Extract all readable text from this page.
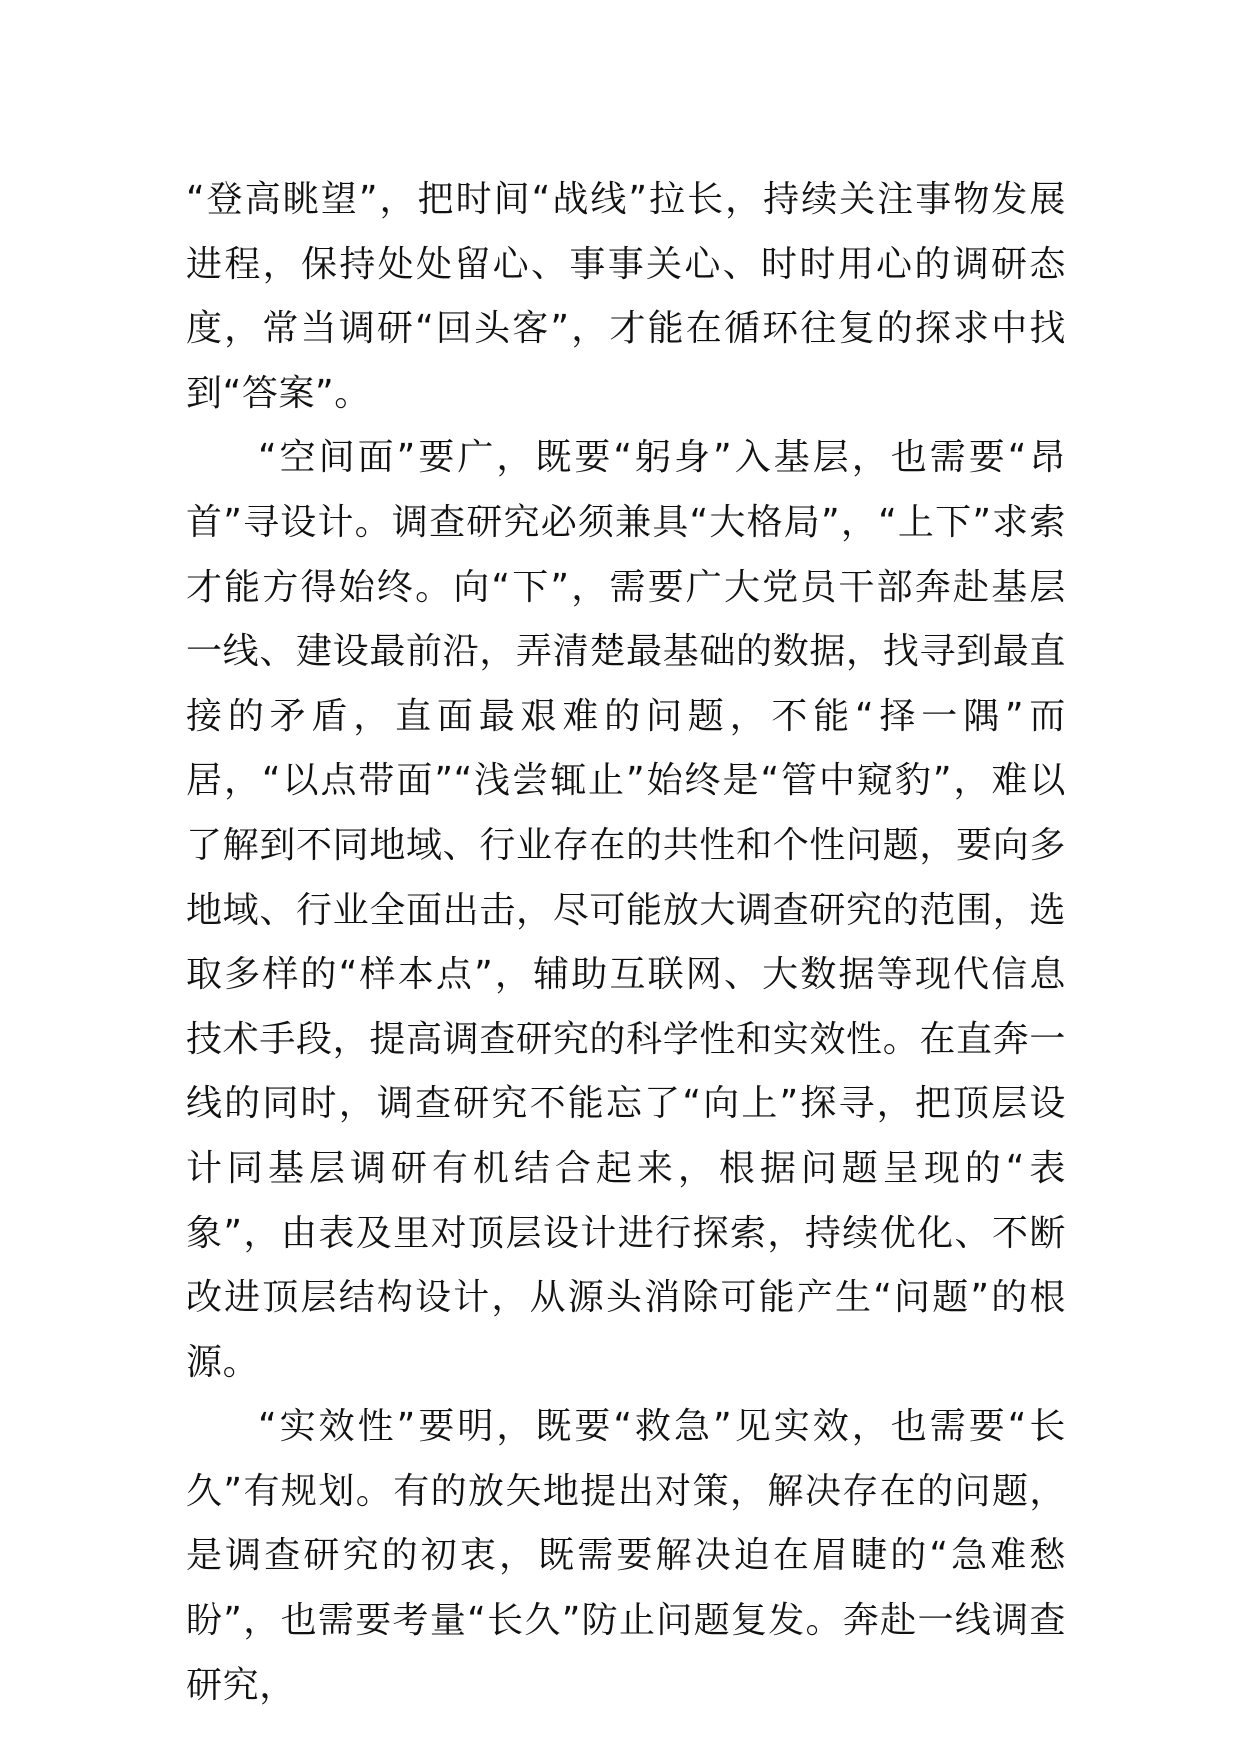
“登高眺望”，把时间“战线”拉长，持续关注事物发展进程，保持处处留心、事事关心、时时用心的调研态度，常当调研“回头客”，才能在循环往复的探求中找到“答案”。

“空间面”要广，既要“躬身”入基层，也需要“昂首”寻设计。调查研究必须兼具“大格局”，“上下”求索才能方得始终。向“下”，需要广大党员干部奔赴基层一线、建设最前沿，弄清楚最基础的数据，找寻到最直接的矛盾，直面最艰难的问题，不能“择一隅”而居，“以点带面”“浅尝辄止”始终是“管中窥豹”，难以了解到不同地域、行业存在的共性和个性问题，要向多地域、行业全面出击，尽可能放大调查研究的范围，选取多样的“样本点”，辅助互联网、大数据等现代信息技术手段，提高调查研究的科学性和实效性。在直奔一线的同时，调查研究不能忘了“向上”探寻，把顶层设计同基层调研有机结合起来，根据问题呈现的“表象”，由表及里对顶层设计进行探索，持续优化、不断改进顶层结构设计，从源头消除可能产生“问题”的根源。

“实效性”要明，既要“救急”见实效，也需要“长久”有规划。有的放矢地提出对策，解决存在的问题，是调查研究的初衷，既需要解决迫在眉睫的“急难愁盼”，也需要考量“长久”防止问题复发。奔赴一线调查研究，
